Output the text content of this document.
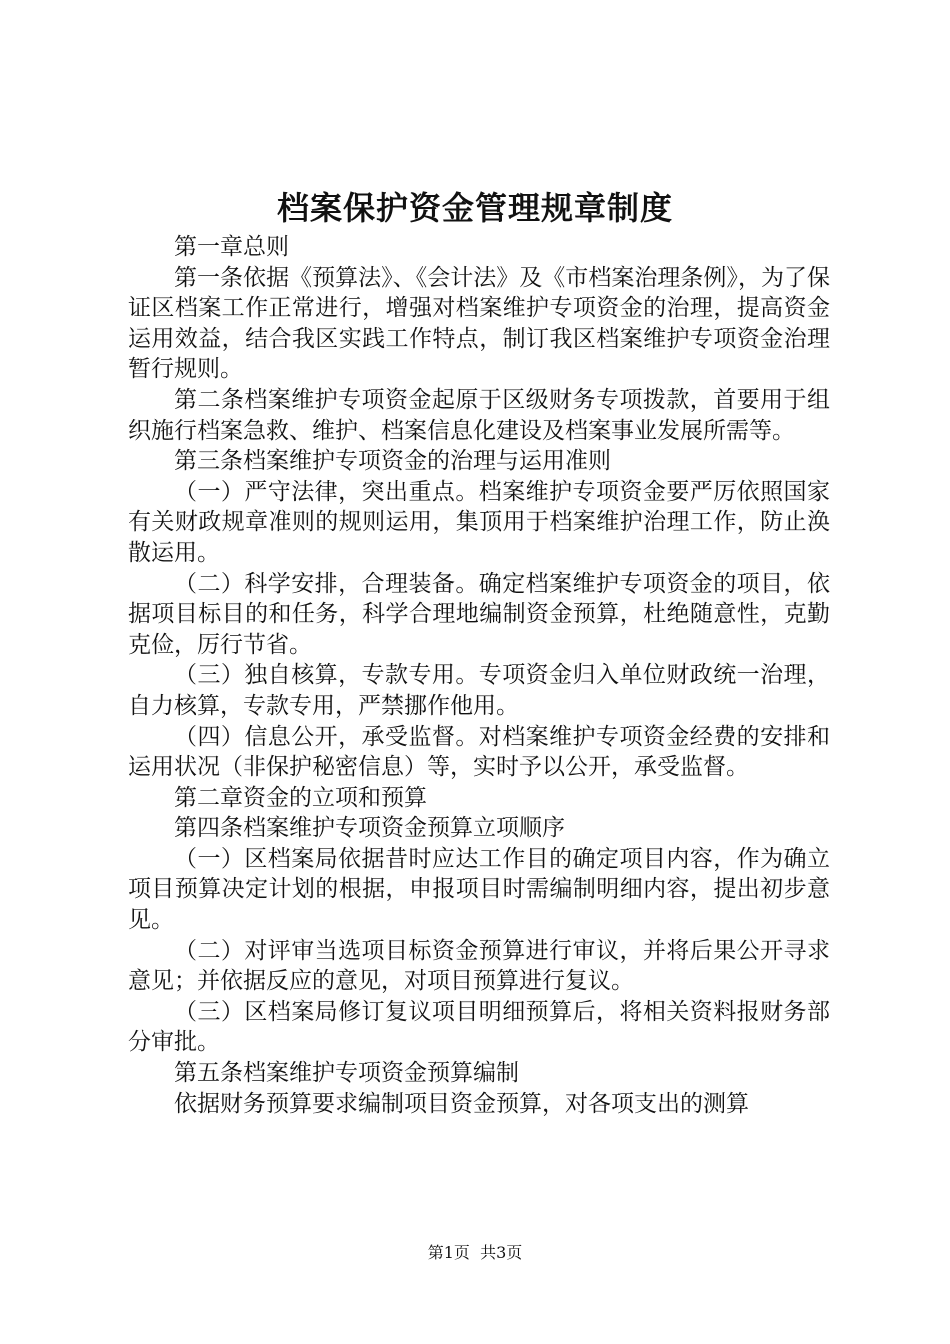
档案保护资金管理规章制度

第一章总则

第一条依据《预算法》、《会计法》及《市档案治理条例》，为了保证区档案工作正常进行，增强对档案维护专项资金的治理，提高资金运用效益，结合我区实践工作特点，制订我区档案维护专项资金治理暂行规则。

第二条档案维护专项资金起原于区级财务专项拨款，首要用于组织施行档案急救、维护、档案信息化建设及档案事业发展所需等。

第三条档案维护专项资金的治理与运用准则

（一）严守法律，突出重点。档案维护专项资金要严厉依照国家有关财政规章准则的规则运用，集顶用于档案维护治理工作，防止涣散运用。

（二）科学安排，合理装备。确定档案维护专项资金的项目，依据项目标目的和任务，科学合理地编制资金预算，杜绝随意性，克勤克俭，厉行节省。

（三）独自核算，专款专用。专项资金归入单位财政统一治理，自力核算，专款专用，严禁挪作他用。

（四）信息公开，承受监督。对档案维护专项资金经费的安排和运用状况（非保护秘密信息）等，实时予以公开，承受监督。

第二章资金的立项和预算

第四条档案维护专项资金预算立项顺序

（一）区档案局依据昔时应达工作目的确定项目内容，作为确立项目预算决定计划的根据，申报项目时需编制明细内容，提出初步意见。

（二）对评审当选项目标资金预算进行审议，并将后果公开寻求意见；并依据反应的意见，对项目预算进行复议。

（三）区档案局修订复议项目明细预算后，将相关资料报财务部分审批。

第五条档案维护专项资金预算编制

依据财务预算要求编制项目资金预算，对各项支出的测算

第1页 共3页
